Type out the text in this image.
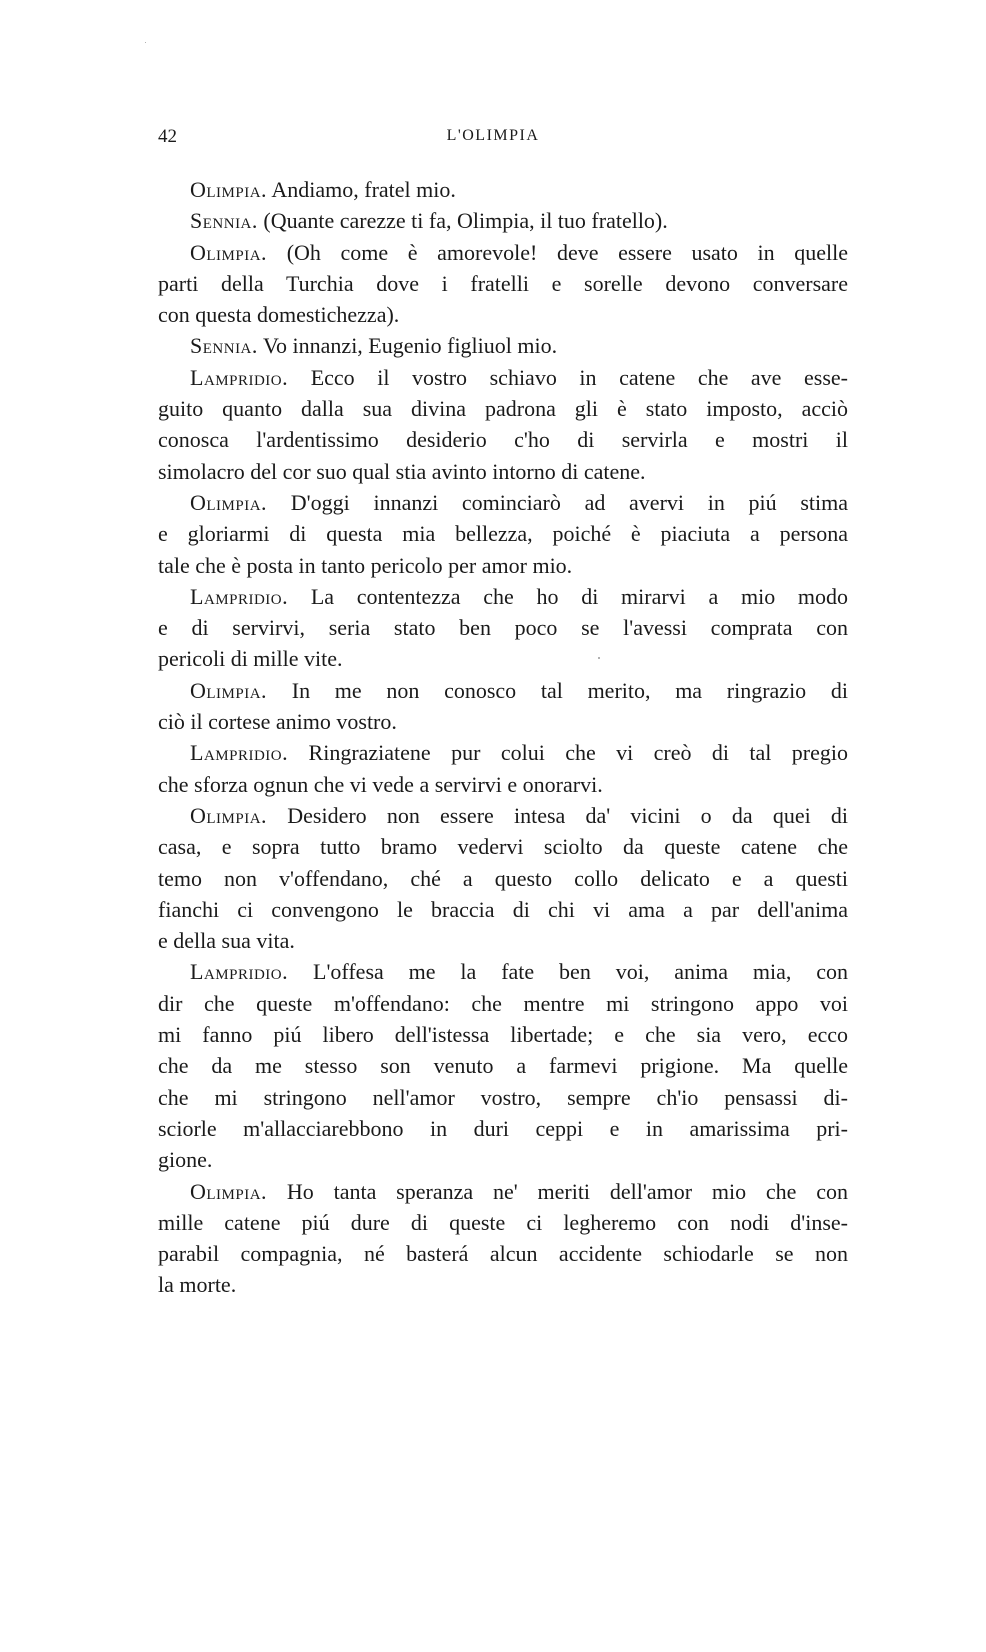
42	L'OLIMPIA
Olimpia. Andiamo, fratel mio.
Sennia. (Quante carezze ti fa, Olimpia, il tuo fratello).
Olimpia. (Oh come è amorevole! deve essere usato in quelle
parti della Turchia dove i fratelli e sorelle devono conversare
con questa domestichezza).
Sennia. Vo innanzi, Eugenio figliuol mio.
Lampridio. Ecco il vostro schiavo in catene che ave esse-
guito quanto dalla sua divina padrona gli è stato imposto, acciò
conosca l'ardentissimo desiderio c'ho di servirla e mostri il
simolacro del cor suo qual stia avinto intorno di catene.
Olimpia. D'oggi innanzi cominciarò ad avervi in piú stima
e gloriarmi di questa mia bellezza, poiché è piaciuta a persona
tale che è posta in tanto pericolo per amor mio.
Lampridio. La contentezza che ho di mirarvi a mio modo
e di servirvi, seria stato ben poco se l'avessi comprata con
pericoli di mille vite.
Olimpia. In me non conosco tal merito, ma ringrazio di
ciò il cortese animo vostro.
Lampridio. Ringraziatene pur colui che vi creò di tal pregio
che sforza ognun che vi vede a servirvi e onorarvi.
Olimpia. Desidero non essere intesa da' vicini o da quei di
casa, e sopra tutto bramo vedervi sciolto da queste catene che
temo non v'offendano, ché a questo collo delicato e a questi
fianchi ci convengono le braccia di chi vi ama a par dell'anima
e della sua vita.
Lampridio. L'offesa me la fate ben voi, anima mia, con
dir che queste m'offendano: che mentre mi stringono appo voi
mi fanno piú libero dell'istessa libertade; e che sia vero, ecco
che da me stesso son venuto a farmevi prigione. Ma quelle
che mi stringono nell'amor vostro, sempre ch'io pensassi di-
sciorle m'allacciarebbono in duri ceppi e in amarissima pri-
gione.
Olimpia. Ho tanta speranza ne' meriti dell'amor mio che con
mille catene piú dure di queste ci legheremo con nodi d'inse-
parabil compagnia, né basterá alcun accidente schiodarle se non
la morte.
